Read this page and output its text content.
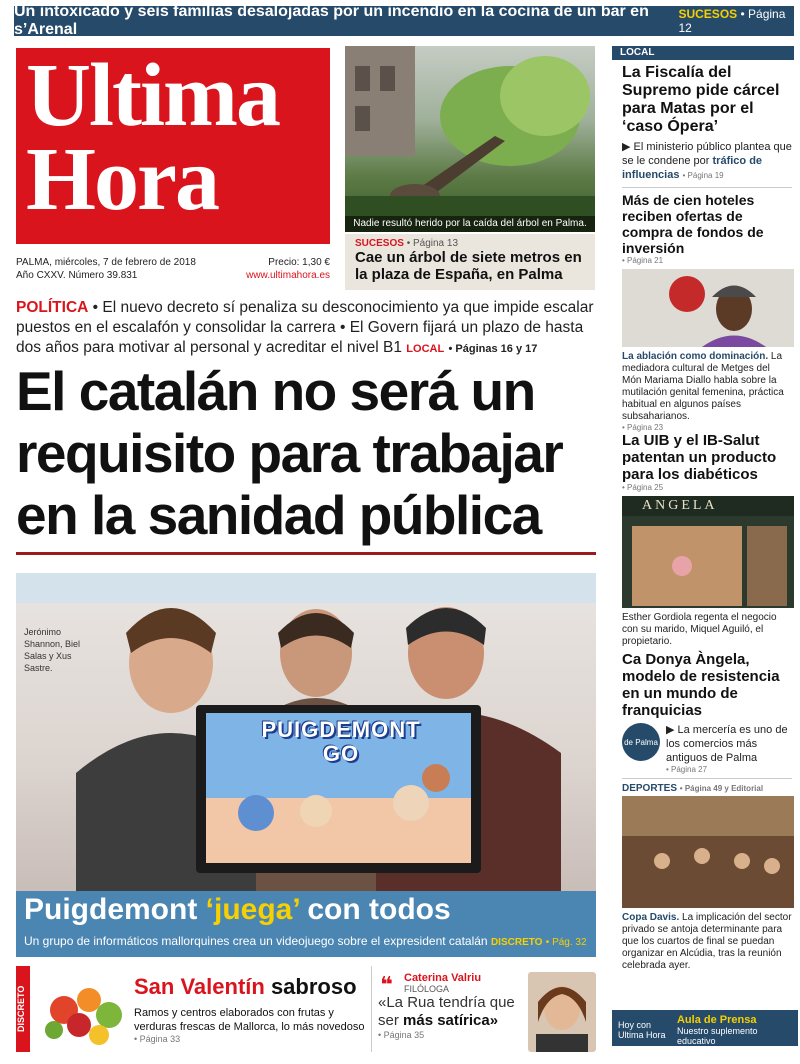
Un intoxicado y seis familias desalojadas por un incendio en la cocina de un bar en s’Arenal
SUCESOS • Página 12
Ultima
Hora
PALMA, miércoles, 7 de febrero de 2018	Precio: 1,30 €
Año CXXV. Número 39.831	www.ultimahora.es
Nadie resultó herido por la caída del árbol en Palma.
SUCESOS • Página 13
Cae un árbol de siete metros en la plaza de España, en Palma
POLÍTICA • El nuevo decreto sí penaliza su desconocimiento ya que impide escalar puestos en el escalafón y consolidar la carrera • El Govern fijará un plazo de hasta dos años para motivar al personal y acreditar el nivel B1 LOCAL • Páginas 16 y 17
El catalán no será un requisito para trabajar en la sanidad pública
PUIGDEMONT GO
Jerónimo Shannon, Biel Salas y Xus Sastre.
Puigdemont ‘juega’ con todos
Un grupo de informáticos mallorquines crea un videojuego sobre el expresident catalán DISCRETO • Pág. 32
DISCRETO	San Valentín sabroso
Ramos y centros elaborados con frutas y verduras frescas de Mallorca, lo más novedoso
• Página 33
❝	Caterina Valriu
FILÓLOGA
«La Rua tendría que ser más satírica»
• Página 35
LOCAL
La Fiscalía del Supremo pide cárcel para Matas por el ‘caso Ópera’
▶ El ministerio público plantea que se le condene por tráfico de influencias • Página 19
Más de cien hoteles reciben ofertas de compra de fondos de inversión
• Página 21
La ablación como dominación. La mediadora cultural de Metges del Món Mariama Diallo habla sobre la mutilación genital femenina, práctica habitual en algunos países subsaharianos.
• Página 23
La UIB y el IB-Salut patentan un producto para los diabéticos
• Página 25
ANGELA
Esther Gordiola regenta el negocio con su marido, Miquel Aguiló, el propietario.
Ca Donya Àngela, modelo de resistencia en un mundo de franquicias
de Palma
▶ La mercería es uno de los comercios más antiguos de Palma
• Página 27
DEPORTES • Página 49 y Editorial
Copa Davis. La implicación del sector privado se antoja determinante para que los cuartos de final se puedan organizar en Alcúdia, tras la reunión celebrada ayer.
Hoy con Ultima Hora
Aula de Prensa
Nuestro suplemento educativo
